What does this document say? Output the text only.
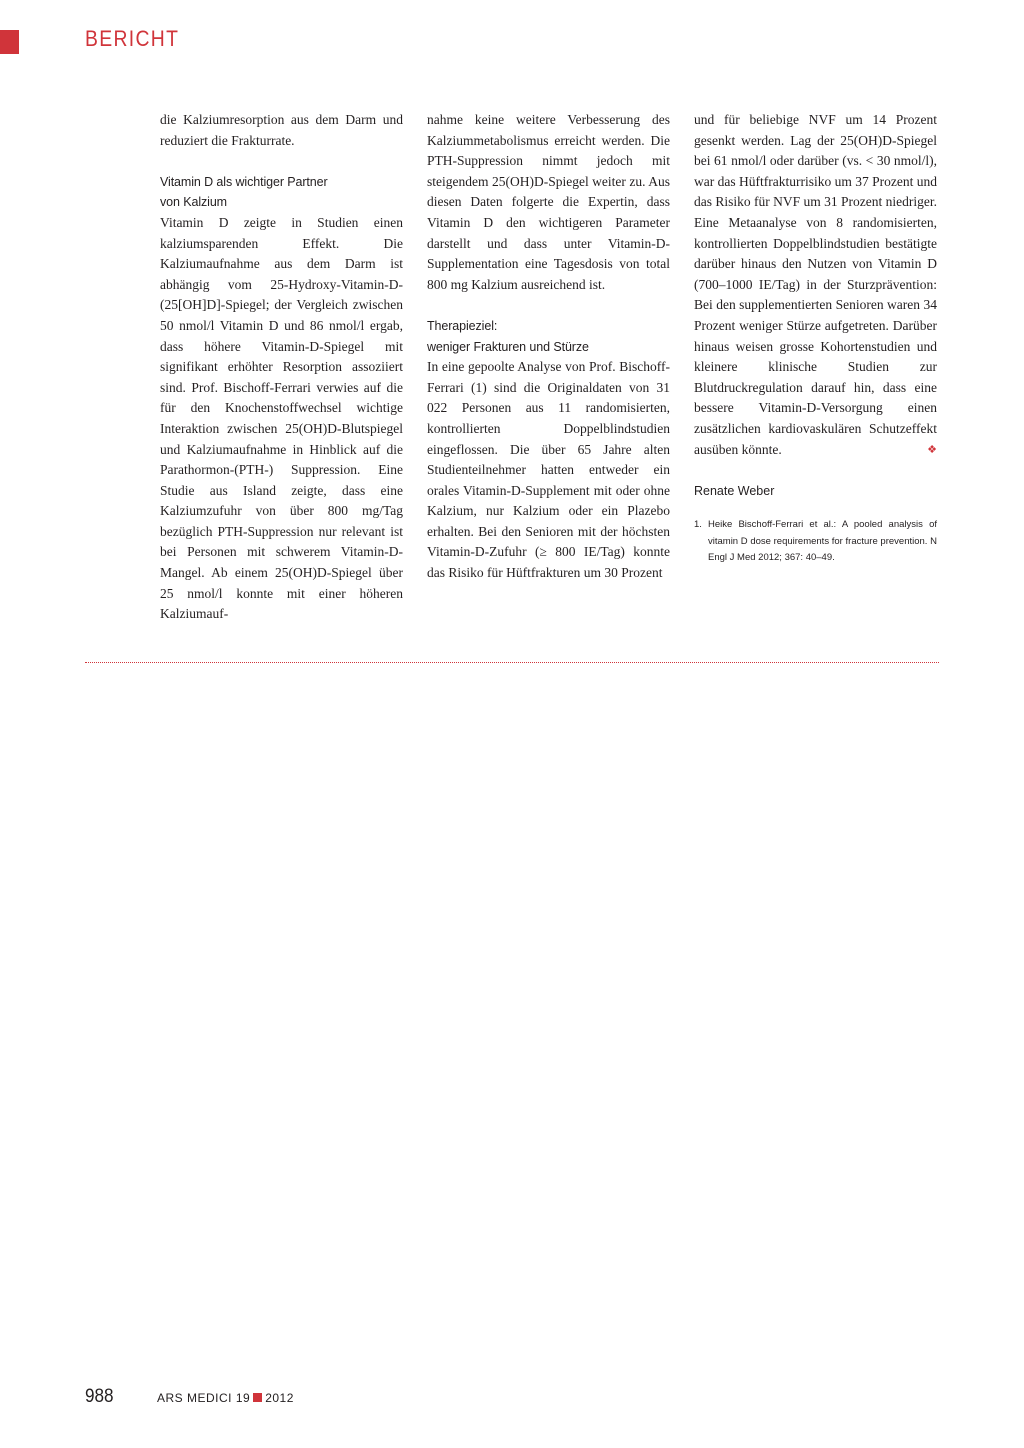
BERICHT

die Kalziumresorption aus dem Darm und reduziert die Frakturrate.

Vitamin D als wichtiger Partner
von Kalzium

Vitamin D zeigte in Studien einen kalziumsparenden Effekt. Die Kalziumaufnahme aus dem Darm ist abhängig vom 25-Hydroxy-Vitamin-D-(25[OH]D]-Spiegel; der Vergleich zwischen 50 nmol/l Vitamin D und 86 nmol/l ergab, dass höhere Vitamin-D-Spiegel mit signifikant erhöhter Resorption assoziiert sind. Prof. Bischoff-Ferrari verwies auf die für den Knochenstoffwechsel wichtige Interaktion zwischen 25(OH)D-Blutspiegel und Kalziumaufnahme in Hinblick auf die Parathormon-(PTH-) Suppression. Eine Studie aus Island zeigte, dass eine Kalziumzufuhr von über 800 mg/Tag bezüglich PTH-Suppression nur relevant ist bei Personen mit schwerem Vitamin-D-Mangel. Ab einem 25(OH)D-Spiegel über 25 nmol/l konnte mit einer höheren Kalziumauf-

nahme keine weitere Verbesserung des Kalziummetabolismus erreicht werden. Die PTH-Suppression nimmt jedoch mit steigendem 25(OH)D-Spiegel weiter zu. Aus diesen Daten folgerte die Expertin, dass Vitamin D den wichtigeren Parameter darstellt und dass unter Vitamin-D-Supplementation eine Tagesdosis von total 800 mg Kalzium ausreichend ist.

Therapieziel:
weniger Frakturen und Stürze

In eine gepoolte Analyse von Prof. Bischoff-Ferrari (1) sind die Originaldaten von 31 022 Personen aus 11 randomisierten, kontrollierten Doppelblindstudien eingeflossen. Die über 65 Jahre alten Studienteilnehmer hatten entweder ein orales Vitamin-D-Supplement mit oder ohne Kalzium, nur Kalzium oder ein Plazebo erhalten. Bei den Senioren mit der höchsten Vitamin-D-Zufuhr (≥ 800 IE/Tag) konnte das Risiko für Hüftfrakturen um 30 Prozent

und für beliebige NVF um 14 Prozent gesenkt werden. Lag der 25(OH)D-Spiegel bei 61 nmol/l oder darüber (vs. < 30 nmol/l), war das Hüftfrakturrisiko um 37 Prozent und das Risiko für NVF um 31 Prozent niedriger.

Eine Metaanalyse von 8 randomisierten, kontrollierten Doppelblindstudien bestätigte darüber hinaus den Nutzen von Vitamin D (700–1000 IE/Tag) in der Sturzprävention: Bei den supplementierten Senioren waren 34 Prozent weniger Stürze aufgetreten. Darüber hinaus weisen grosse Kohortenstudien und kleinere klinische Studien zur Blutdruckregulation darauf hin, dass eine bessere Vitamin-D-Versorgung einen zusätzlichen kardiovaskulären Schutzeffekt ausüben könnte.	❖

Renate Weber
1. Heike Bischoff-Ferrari et al.: A pooled analysis of vitamin D dose requirements for fracture prevention. N Engl J Med 2012; 367: 40–49.
988	ARS MEDICI 19 2012
